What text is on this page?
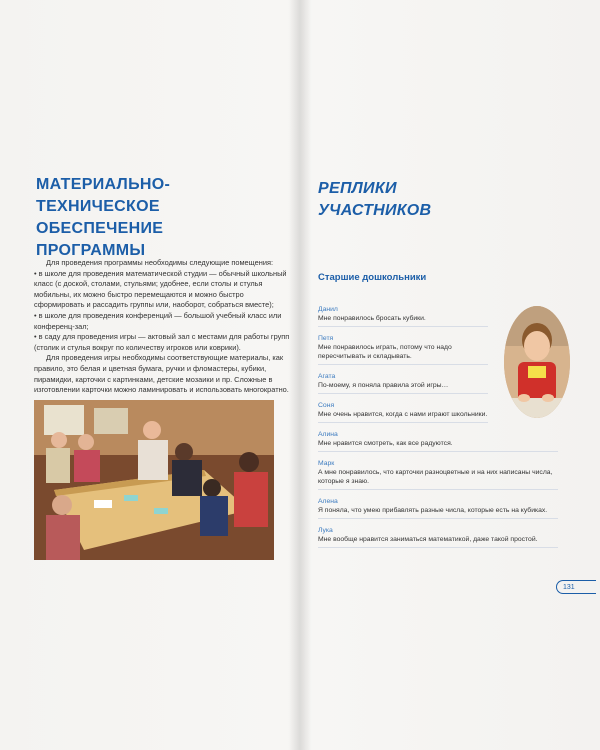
МАТЕРИАЛЬНО-ТЕХНИЧЕСКОЕ
ОБЕСПЕЧЕНИЕ ПРОГРАММЫ

Для проведения программы необходимы следующие помещения:

• в школе для проведения математической студии — обычный школьный класс (с доской, столами, стульями; удобнее, если столы и стулья мобильны, их можно быстро перемещаются и можно быстро сформировать и рассадить группы или, наоборот, собраться вместе);

• в школе для проведения конференций — большой учебный класс или конференц-зал;

• в саду для проведения игры — актовый зал с местами для работы групп (столик и стулья вокруг по количеству игроков или коврики).

Для проведения игры необходимы соответствующие материалы, как правило, это белая и цветная бумага, ручки и фломастеры, кубики, пирамидки, карточки с картинками, детские мозаики и пр. Сложные в изготовлении карточки можно ламинировать и использовать многократно.

РЕПЛИКИ
УЧАСТНИКОВ
Старшие дошкольники
Данил
Мне понравилось бросать кубики.
Петя
Мне понравилось играть, потому что надо пересчитывать и складывать.
Агата
По-моему, я поняла правила этой игры…
Соня
Мне очень нравится, когда с нами играют школьники.
Алина
Мне нравится смотреть, как все радуются.
Марк
А мне понравилось, что карточки разноцветные и на них написаны числа, которые я знаю.
Алена
Я поняла, что умею прибавлять разные числа, которые есть на кубиках.
Лука
Мне вообще нравится заниматься математикой, даже такой простой.
131
